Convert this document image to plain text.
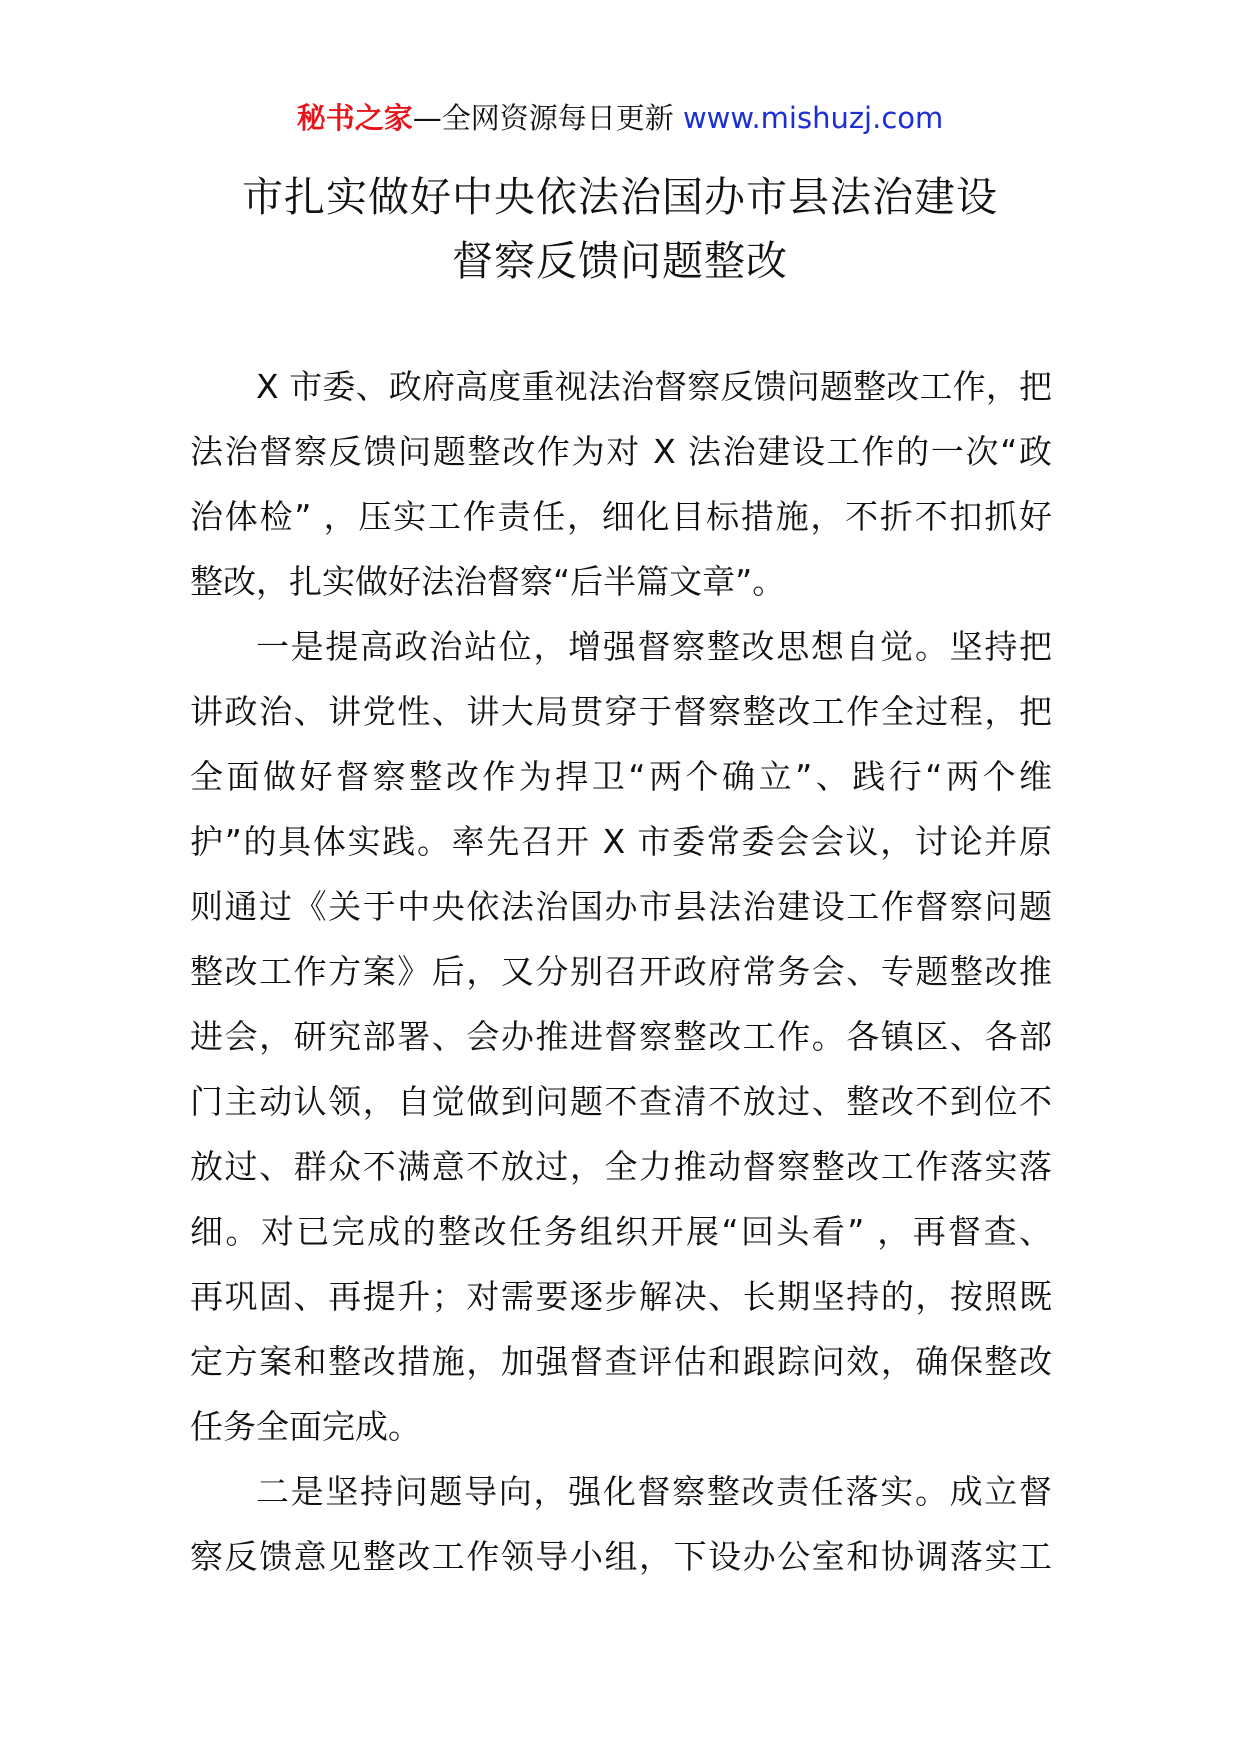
秘书之家—全网资源每日更新 www.mishuzj.com
市扎实做好中央依法治国办市县法治建设
督察反馈问题整改
X 市委、政府高度重视法治督察反馈问题整改工作，把
法治督察反馈问题整改作为对 X 法治建设工作的一次“政
治体检” ，压实工作责任，细化目标措施，不折不扣抓好
整改，扎实做好法治督察“后半篇文章”。
一是提高政治站位，增强督察整改思想自觉。坚持把
讲政治、讲党性、讲大局贯穿于督察整改工作全过程，把
全面做好督察整改作为捍卫“两个确立”、践行“两个维
护”的具体实践。率先召开 X 市委常委会会议，讨论并原
则通过《关于中央依法治国办市县法治建设工作督察问题
整改工作方案》后，又分别召开政府常务会、专题整改推
进会，研究部署、会办推进督察整改工作。各镇区、各部
门主动认领，自觉做到问题不查清不放过、整改不到位不
放过、群众不满意不放过，全力推动督察整改工作落实落
细。对已完成的整改任务组织开展“回头看” ，再督查、
再巩固、再提升；对需要逐步解决、长期坚持的，按照既
定方案和整改措施，加强督查评估和跟踪问效，确保整改
任务全面完成。
二是坚持问题导向，强化督察整改责任落实。成立督
察反馈意见整改工作领导小组，下设办公室和协调落实工
